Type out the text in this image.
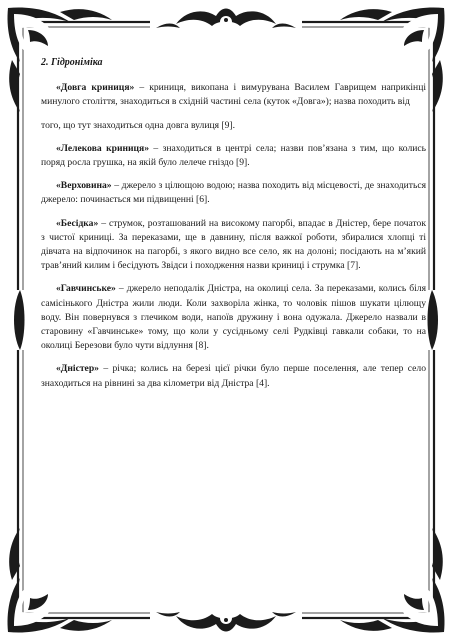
2. Гідроніміка

«Довга криниця» – криниця, викопана і вимурувана Василем Гаврищем наприкінці минулого століття, знаходиться в східній частині села (куток «Довга»); назва походить від

того, що тут знаходиться одна довга вулиця [9].

«Лелекова криниця» – знаходиться в центрі села; назви пов’язана з тим, що колись поряд росла грушка, на якій було лелече гніздо [9].

«Верховина» – джерело з цілющою водою; назва походить від місцевості, де знаходиться джерело: починається ми підвищенні [6].

«Бесідка» – струмок, розташований на високому пагорбі, впадає в Дністер, бере початок з чистої криниці. За переказами, ще в давнину, після важкої роботи, збиралися хлопці ті дівчата на відпочинок на пагорбі, з якого видно все село, як на долоні; посідають на м’який трав’яний килим і бесідують Звідси і походження назви криниці і струмка [7].

«Гавчинське» – джерело неподалік Дністра, на околиці села. За переказами, колись біля самісінького Дністра жили люди. Коли захворіла жінка, то чоловік пішов шукати цілющу воду. Він повернувся з глечиком води, напоїв дружину і вона одужала. Джерело назвали в старовину «Гавчинське» тому, що коли у сусідньому селі Рудківці гавкали собаки, то на околиці Березови було чути відлуння [8].

«Дністер» – річка; колись на березі цієї річки було перше поселення, але тепер село знаходиться на рівнині за два кілометри від Дністра [4].
